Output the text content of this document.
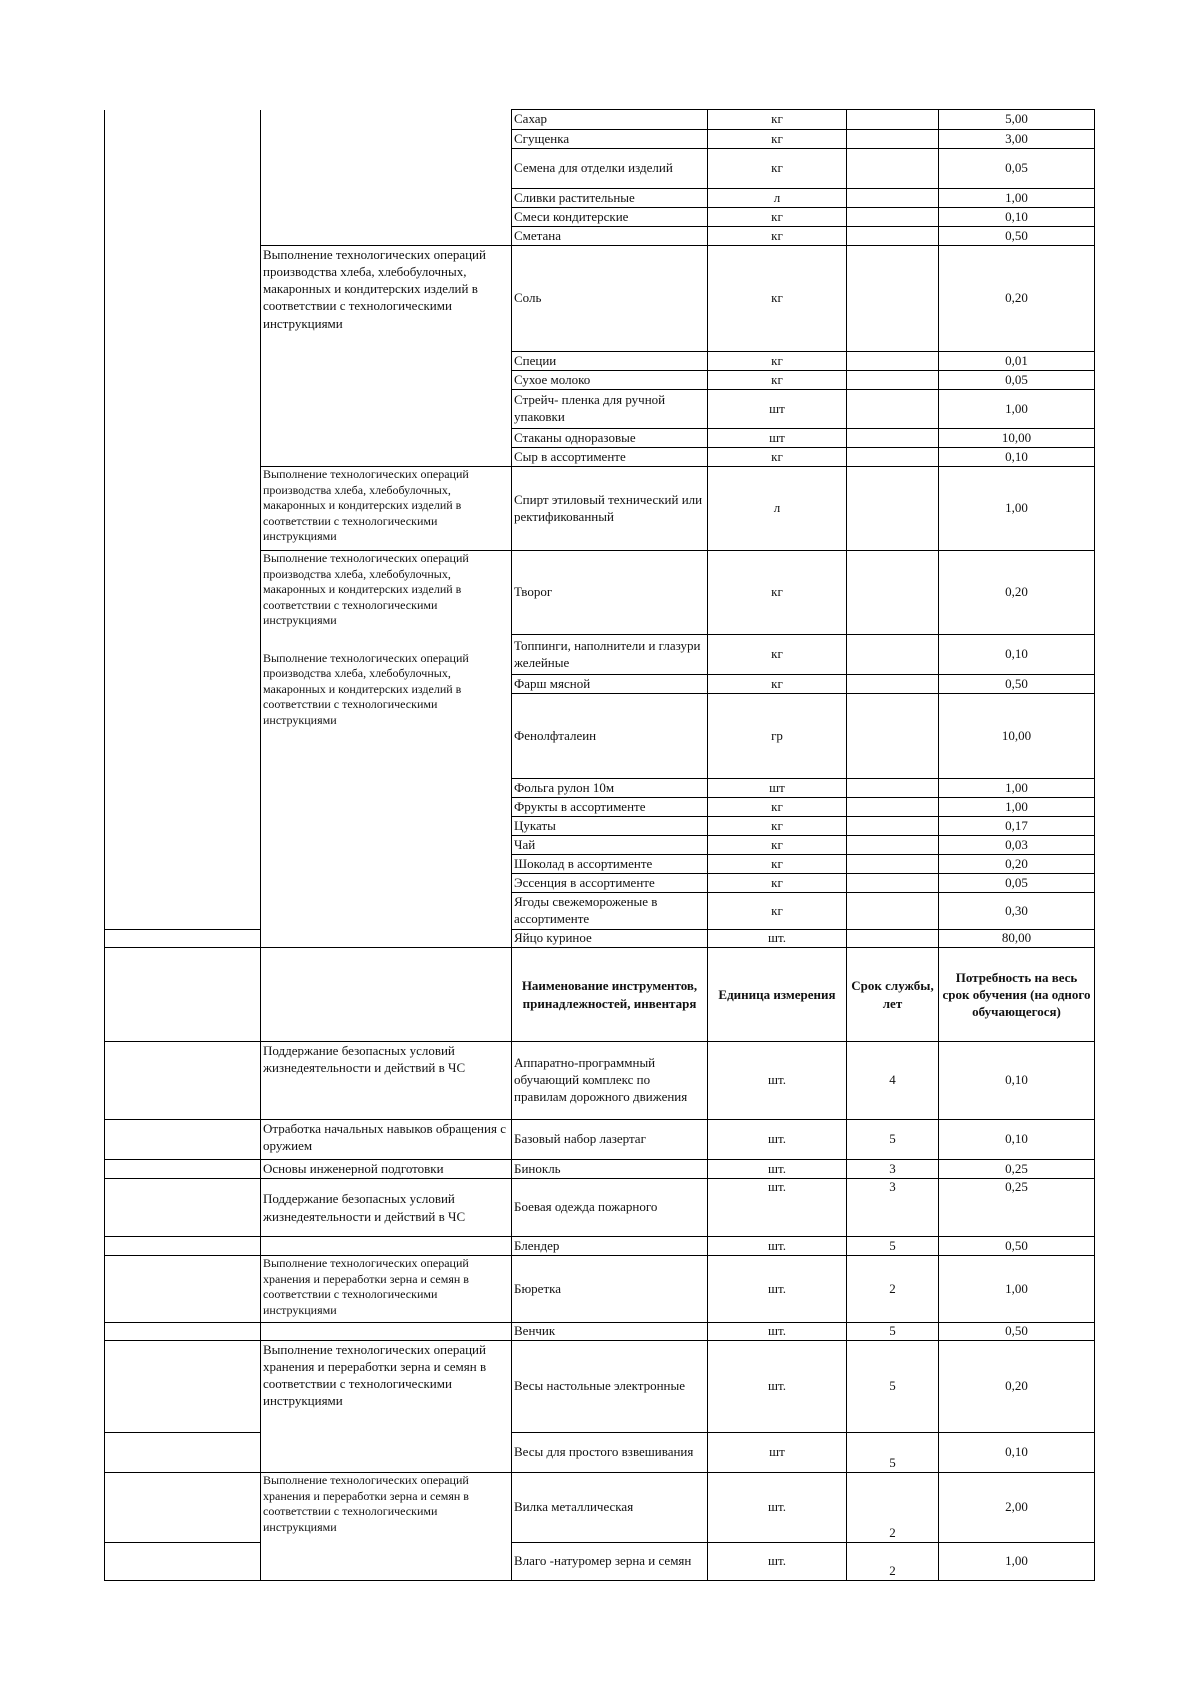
		Сахар	кг		5,00
		Сгущенка	кг		3,00
		Семена для отделки изделий	кг		0,05
		Сливки растительные	л		1,00
		Смеси кондитерские	кг		0,10
		Сметана	кг		0,50
	Выполнение технологических операций производства хлеба, хлебобулочных, макаронных и кондитерских изделий в соответствии с технологическими инструкциями	Соль	кг		0,20
		Специи	кг		0,01
		Сухое молоко	кг		0,05
		Стрейч- пленка для ручной упаковки	шт		1,00
		Стаканы одноразовые	шт		10,00
		Сыр в ассортименте	кг		0,10
	Выполнение технологических операций производства хлеба, хлебобулочных, макаронных и кондитерских изделий в соответствии с технологическими инструкциями	Спирт этиловый технический или ректификованный	л		1,00
	Выполнение технологических операций производства хлеба, хлебобулочных, макаронных и кондитерских изделий в соответствии с технологическими инструкциями	Творог	кг		0,20
	Выполнение технологических операций производства хлеба, хлебобулочных, макаронных и кондитерских изделий в соответствии с технологическими инструкциями	Топпинги, наполнители и глазури желейные	кг		0,10
		Фарш мясной	кг		0,50
		Фенолфталеин	гр		10,00
		Фольга рулон 10м	шт		1,00
		Фрукты в ассортименте	кг		1,00
		Цукаты	кг		0,17
		Чай	кг		0,03
		Шоколад в ассортименте	кг		0,20
		Эссенция в ассортименте	кг		0,05
		Ягоды свежемороженые в ассортименте	кг		0,30
		Яйцо куриное	шт.		80,00
		Наименование инструментов, принадлежностей, инвентаря	Единица измерения	Срок службы, лет	Потребность на весь срок обучения (на одного обучающегося)
	Поддержание безопасных условий жизнедеятельности и действий в ЧС	Аппаратно-программный обучающий комплекс по правилам дорожного движения	шт.	4	0,10
	Отработка начальных навыков обращения с оружием	Базовый набор лазертаг	шт.	5	0,10
	Основы инженерной подготовки	Бинокль	шт.	3	0,25
	Поддержание безопасных условий жизнедеятельности и действий в ЧС	Боевая одежда пожарного	шт.	3	0,25
		Блендер	шт.	5	0,50
	Выполнение технологических операций хранения и переработки зерна и семян в соответствии с технологическими инструкциями	Бюретка	шт.	2	1,00
		Венчик	шт.	5	0,50
	Выполнение технологических операций хранения и переработки зерна и семян в соответствии с технологическими инструкциями	Весы настольные электронные	шт.	5	0,20
		Весы для простого взвешивания	шт	5	0,10
	Выполнение технологических операций хранения и переработки зерна и семян в соответствии с технологическими инструкциями	Вилка металлическая	шт.	2	2,00
		Влаго -натуромер зерна и семян	шт.	2	1,00
